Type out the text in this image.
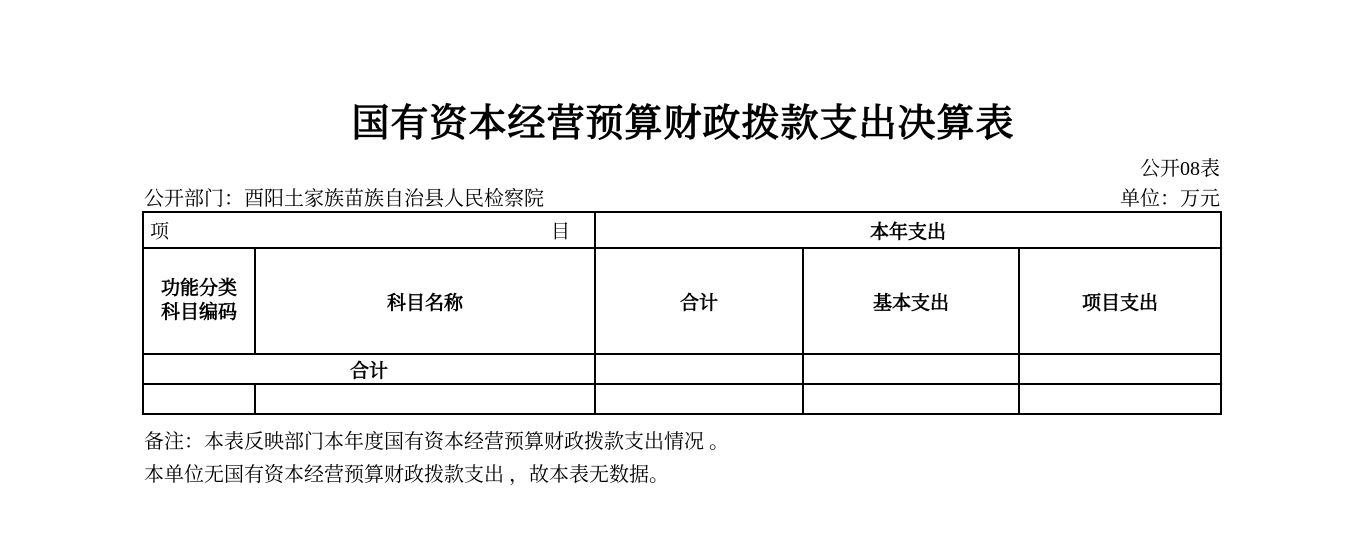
国有资本经营预算财政拨款支出决算表
公开08表
单位：万元
公开部门：酉阳土家族苗族自治县人民检察院
项 目		本年支出		

功能分类
科目编码	科目名称	合计	基本支出	项目支出
合计				

备注：本表反映部门本年度国有资本经营预算财政拨款支出情况 。
本单位无国有资本经营预算财政拨款支出 ，故本表无数据。
